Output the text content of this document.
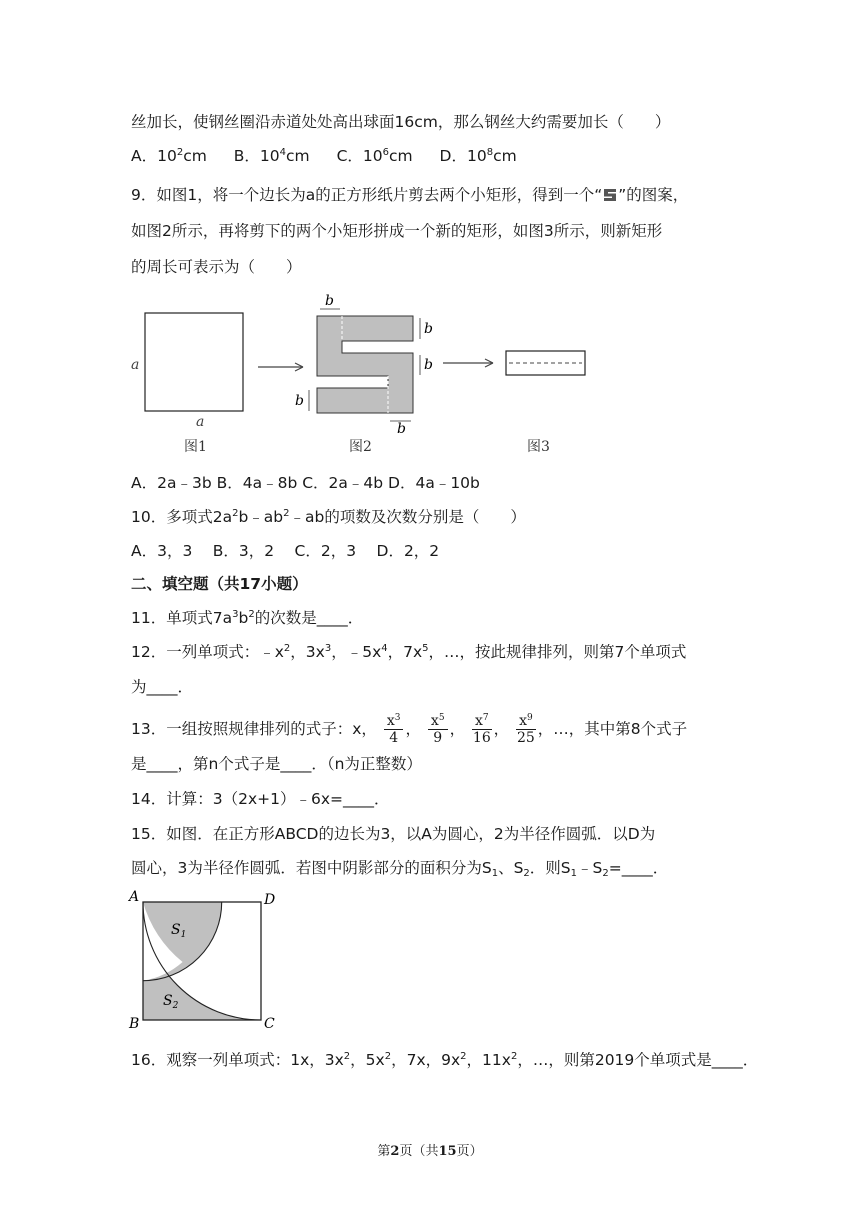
丝加长，使钢丝圈沿赤道处处高出球面16cm，那么钢丝大约需要加长（　　）
A．$10^2cm$ B．$10^4cm$ C．$10^6cm$ D．$10^8cm$
9．如图1，将一个边长为a的正方形纸片剪去两个小矩形，得到一个“ ”的图案，
如图2所示，再将剪下的两个小矩形拼成一个新的矩形，如图3所示，则新矩形
的周长可表示为（　　）
a
a
图1
b
b
b
b
b
图2	图3
A．2a﹣3b B．4a﹣8b C．2a﹣4b D．4a﹣10b
10．多项式$2a^2b﹣ab^2﹣ab$的项数及次数分别是（　　）
A．3，3　 B．3，2　 C．2，3　 D．2，2
二、填空题（共17小题）
11．单项式$7a^3b^2$的次数是____．
12．一列单项式：$﹣x^2$，$3x^3$，$﹣5x^4$，$7x^5$，…，按此规律排列，则第7个单项式
为____．
13．一组按照规律排列的式子：x， $\frac{x^3}{4}$ ， $\frac{x^5}{9}$ ， $\frac{x^7}{16}$ ， $\frac{x^9}{25}$ ，…，其中第8个式子
是____，第n个式子是____．（n为正整数）
14．计算：3（2x+1）﹣6x=____．
15．如图．在正方形ABCD的边长为3，以A为圆心，2为半径作圆弧．以D为
圆心，3为半径作圆弧．若图中阴影部分的面积分为$S_1$、$S_2$．则$S_1﹣S_2=\_\_\_\_$．
A	D
B	C
$S_1$
$S_2$
16．观察一列单项式：1x，$3x^2$，$5x^2$，7x，$9x^2$，$11x^2$，…，则第2019个单项式是____．
第2页（共15页）
